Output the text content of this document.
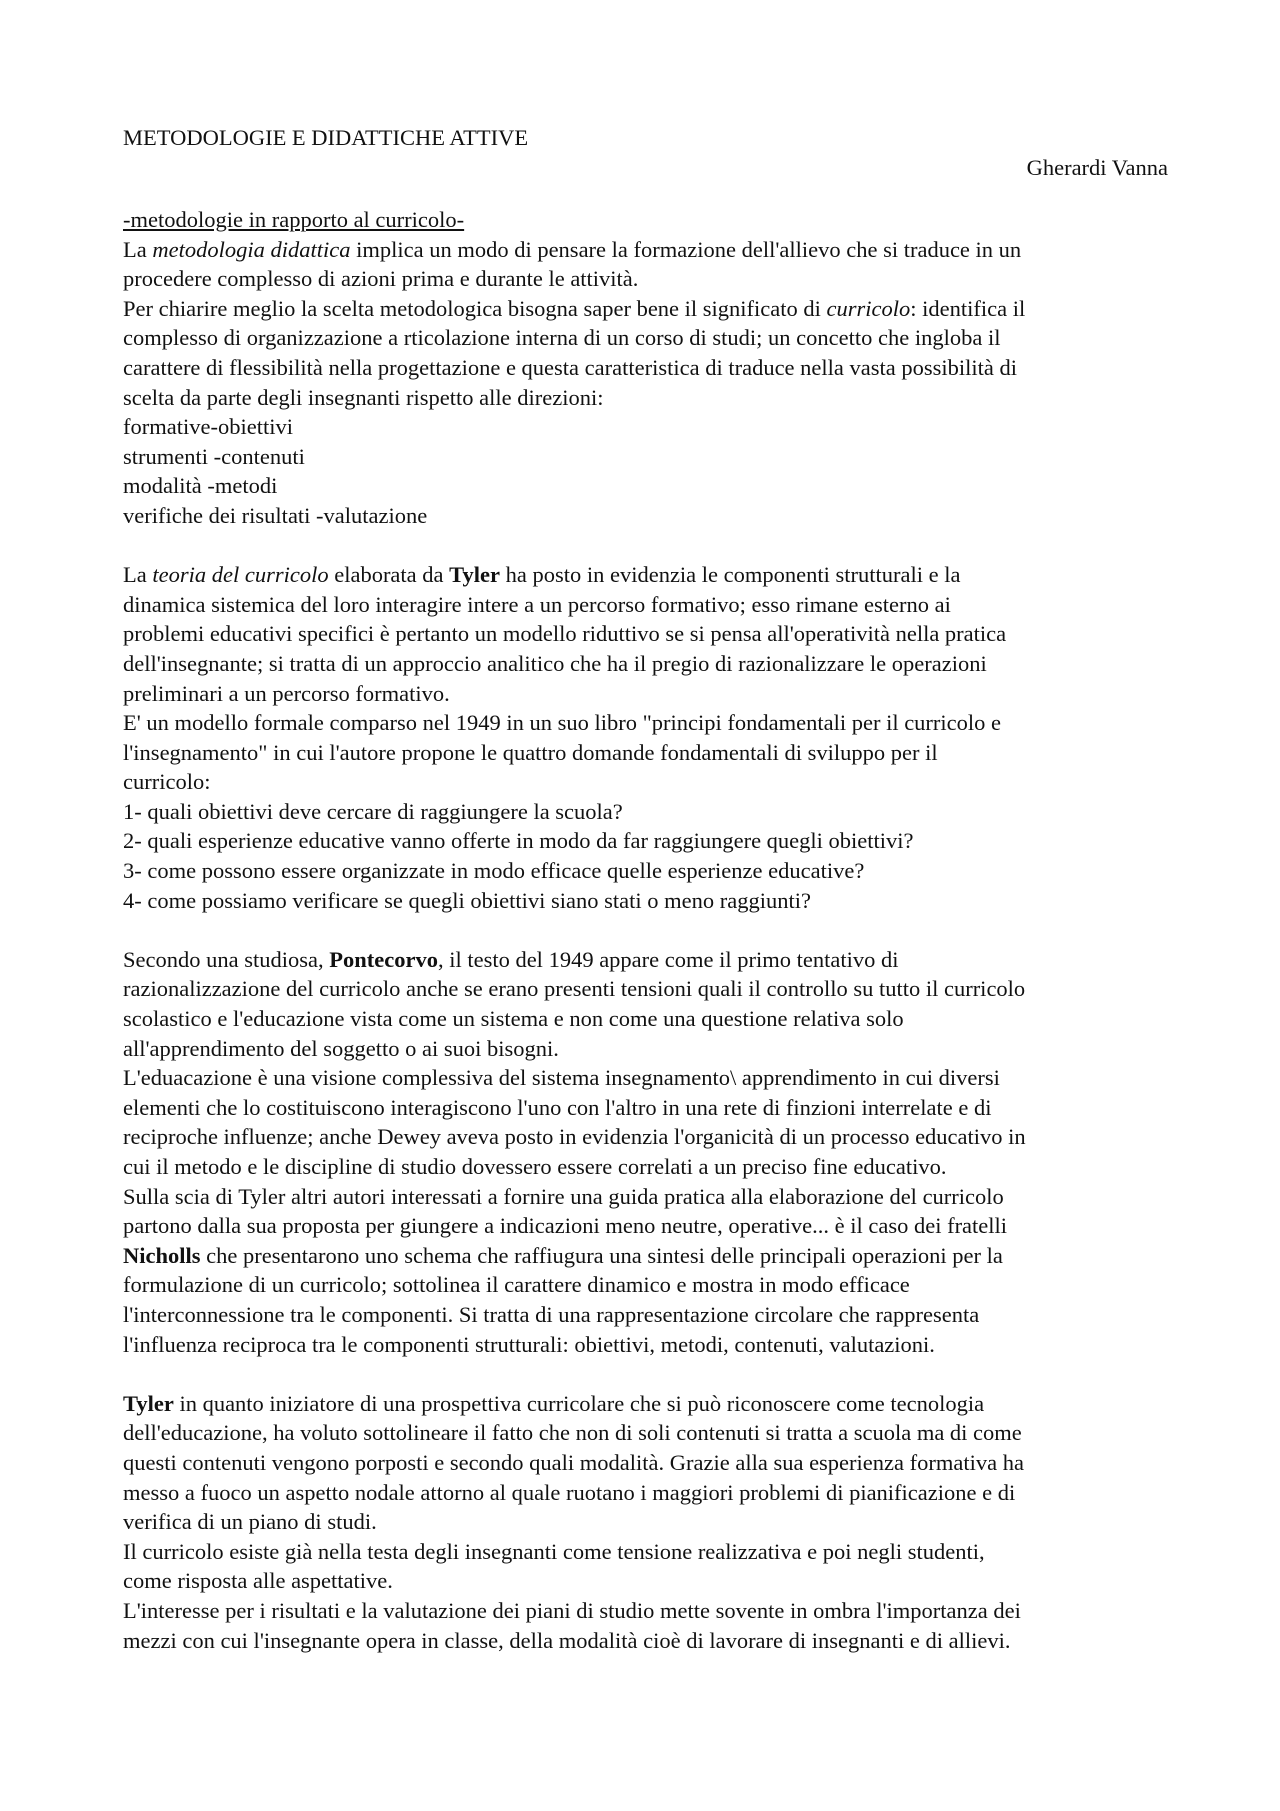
METODOLOGIE E DIDATTICHE ATTIVE
Gherardi Vanna
-metodologie in rapporto al curricolo-
La metodologia didattica implica un modo di pensare la formazione dell'allievo che si traduce in un
procedere complesso di azioni prima e durante le attività.
Per chiarire meglio la scelta metodologica bisogna saper bene il significato di curricolo: identifica il
complesso di organizzazione a rticolazione interna di un corso di studi; un concetto che ingloba il
carattere di flessibilità nella progettazione e questa caratteristica di traduce nella vasta possibilità di
scelta da parte degli insegnanti rispetto alle direzioni:
formative-obiettivi
strumenti -contenuti
modalità -metodi
verifiche dei risultati -valutazione
La teoria del curricolo elaborata da Tyler ha posto in evidenzia le componenti strutturali e la
dinamica sistemica del loro interagire intere a un percorso formativo; esso rimane esterno ai
problemi educativi specifici è pertanto un modello riduttivo se si pensa all'operatività nella pratica
dell'insegnante; si tratta di un approccio analitico che ha il pregio di razionalizzare le operazioni
preliminari a un percorso formativo.
E' un modello formale comparso nel 1949 in un suo libro "principi fondamentali per il curricolo e
l'insegnamento" in cui l'autore propone le quattro domande fondamentali di sviluppo per il
curricolo:
1- quali obiettivi deve cercare di raggiungere la scuola?
2- quali esperienze educative vanno offerte in modo da far raggiungere quegli obiettivi?
3- come possono essere organizzate in modo efficace quelle esperienze educative?
4- come possiamo verificare se quegli obiettivi siano stati o meno raggiunti?
Secondo una studiosa, Pontecorvo, il testo del 1949 appare come il primo tentativo di
razionalizzazione del curricolo anche se erano presenti tensioni quali il controllo su tutto il curricolo
scolastico e l'educazione vista come un sistema e non come una questione relativa solo
all'apprendimento del soggetto o ai suoi bisogni.
L'eduacazione è una visione complessiva del sistema insegnamento\ apprendimento in cui diversi
elementi che lo costituiscono interagiscono l'uno con l'altro in una rete di finzioni interrelate e di
reciproche influenze; anche Dewey aveva posto in evidenzia l'organicità di un processo educativo in
cui il metodo e le discipline di studio dovessero essere correlati a un preciso fine educativo.
Sulla scia di Tyler altri autori interessati a fornire una guida pratica alla elaborazione del curricolo
partono dalla sua proposta per giungere a indicazioni meno neutre, operative... è il caso dei fratelli
Nicholls che presentarono uno schema che raffiugura una sintesi delle principali operazioni per la
formulazione di un curricolo; sottolinea il carattere dinamico e mostra in modo efficace
l'interconnessione tra le componenti. Si tratta di una rappresentazione circolare che rappresenta
l'influenza reciproca tra le componenti strutturali: obiettivi, metodi, contenuti, valutazioni.
Tyler in quanto iniziatore di una prospettiva curricolare che si può riconoscere come tecnologia
dell'educazione, ha voluto sottolineare il fatto che non di soli contenuti si tratta a scuola ma di come
questi contenuti vengono porposti e secondo quali modalità. Grazie alla sua esperienza formativa ha
messo a fuoco un aspetto nodale attorno al quale ruotano i maggiori problemi di pianificazione e di
verifica di un piano di studi.
Il curricolo esiste già nella testa degli insegnanti come tensione realizzativa e poi negli studenti,
come risposta alle aspettative.
L'interesse per i risultati e la valutazione dei piani di studio mette sovente in ombra l'importanza dei
mezzi con cui l'insegnante opera in classe, della modalità cioè di lavorare di insegnanti e di allievi.
